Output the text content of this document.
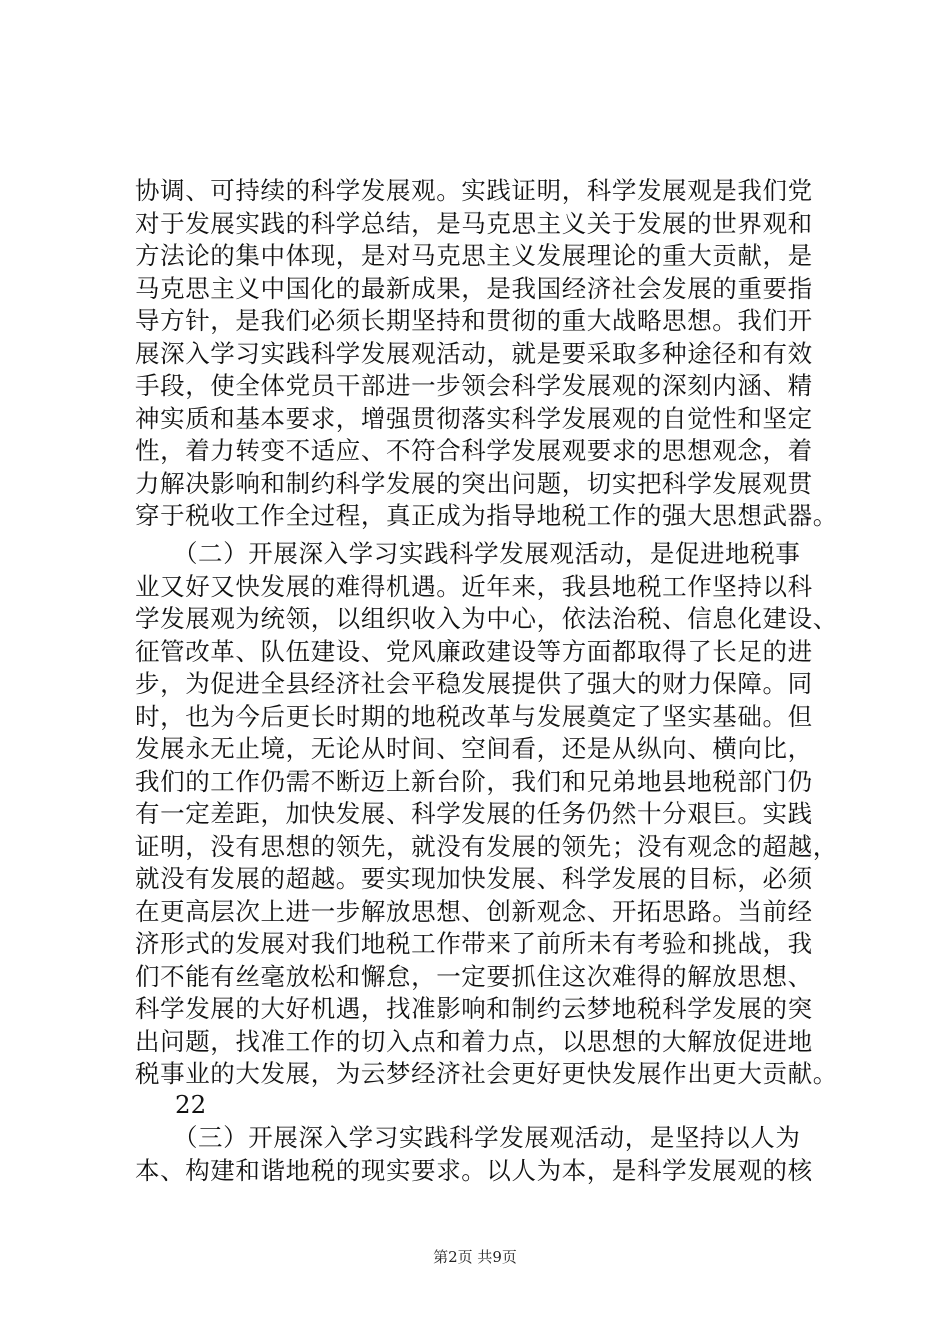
协调、可持续的科学发展观。实践证明，科学发展观是我们党
对于发展实践的科学总结，是马克思主义关于发展的世界观和
方法论的集中体现，是对马克思主义发展理论的重大贡献，是
马克思主义中国化的最新成果，是我国经济社会发展的重要指
导方针，是我们必须长期坚持和贯彻的重大战略思想。我们开
展深入学习实践科学发展观活动，就是要采取多种途径和有效
手段，使全体党员干部进一步领会科学发展观的深刻内涵、精
神实质和基本要求，增强贯彻落实科学发展观的自觉性和坚定
性，着力转变不适应、不符合科学发展观要求的思想观念，着
力解决影响和制约科学发展的突出问题，切实把科学发展观贯
穿于税收工作全过程，真正成为指导地税工作的强大思想武器。
　　（二）开展深入学习实践科学发展观活动，是促进地税事
业又好又快发展的难得机遇。近年来，我县地税工作坚持以科
学发展观为统领，以组织收入为中心，依法治税、信息化建设、
征管改革、队伍建设、党风廉政建设等方面都取得了长足的进
步，为促进全县经济社会平稳发展提供了强大的财力保障。同
时，也为今后更长时期的地税改革与发展奠定了坚实基础。但
发展永无止境，无论从时间、空间看，还是从纵向、横向比，
我们的工作仍需不断迈上新台阶，我们和兄弟地县地税部门仍
有一定差距，加快发展、科学发展的任务仍然十分艰巨。实践
证明，没有思想的领先，就没有发展的领先；没有观念的超越，
就没有发展的超越。要实现加快发展、科学发展的目标，必须
在更高层次上进一步解放思想、创新观念、开拓思路。当前经
济形式的发展对我们地税工作带来了前所未有考验和挑战，我
们不能有丝毫放松和懈怠，一定要抓住这次难得的解放思想、
科学发展的大好机遇，找准影响和制约云梦地税科学发展的突
出问题，找准工作的切入点和着力点，以思想的大解放促进地
税事业的大发展，为云梦经济社会更好更快发展作出更大贡献。
22
　　（三）开展深入学习实践科学发展观活动，是坚持以人为
本、构建和谐地税的现实要求。以人为本，是科学发展观的核
第2页 共9页
